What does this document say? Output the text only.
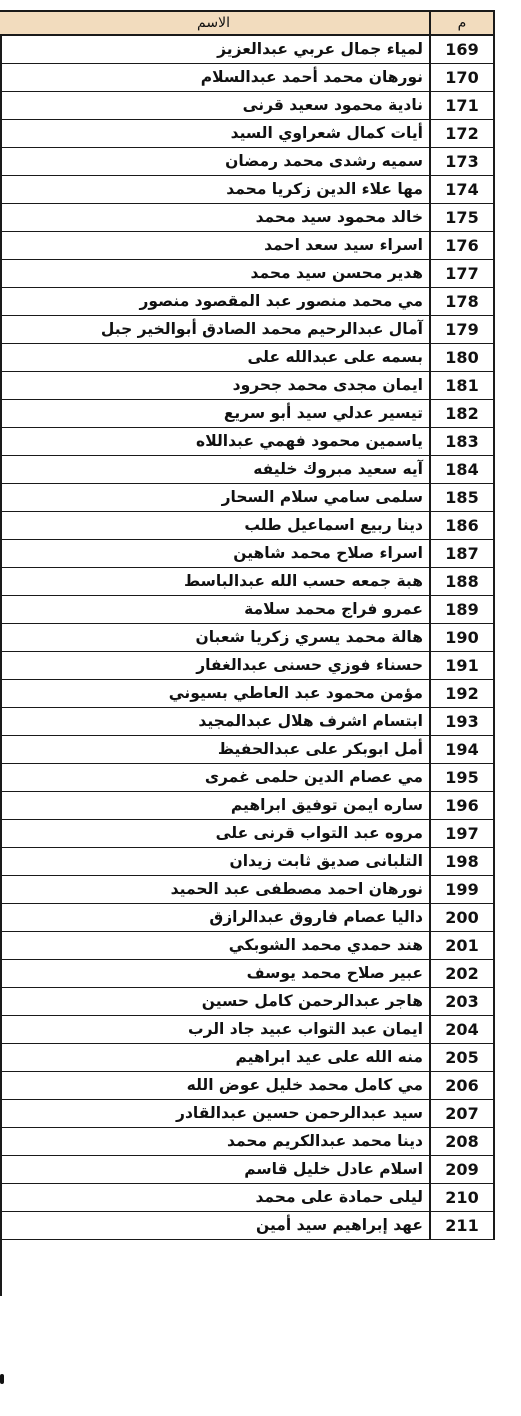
الاسم	م
لمياء جمال عربي عبدالعزيز	169
نورهان محمد أحمد عبدالسلام	170
نادية محمود سعيد قرنى	171
أيات كمال شعراوي السيد	172
سميه رشدى محمد رمضان	173
مها علاء الدين زكريا محمد	174
خالد محمود سيد محمد	175
اسراء سيد سعد احمد	176
هدير محسن سيد محمد	177
مي محمد منصور عبد المقصود منصور	178
آمال عبدالرحيم محمد الصادق أبوالخير جبل	179
بسمه على عبدالله على	180
ايمان مجدى محمد جحرود	181
تيسير عدلي سيد أبو سريع	182
ياسمين محمود فهمي عبداللاه	183
آيه سعيد مبروك خليفه	184
سلمى سامي سلام السحار	185
دينا ربيع اسماعيل طلب	186
اسراء صلاح محمد شاهين	187
هبة جمعه حسب الله عبدالباسط	188
عمرو فراج محمد سلامة	189
هالة محمد يسري زكريا شعبان	190
حسناء فوزي حسنى عبدالغفار	191
مؤمن محمود عبد العاطي بسيوني	192
ابتسام اشرف هلال عبدالمجيد	193
أمل ابوبكر على عبدالحفيظ	194
مي عصام الدين حلمى غمرى	195
ساره ايمن توفيق ابراهيم	196
مروه عبد التواب قرنى على	197
التلبانى صديق ثابت زيدان	198
نورهان احمد مصطفى عبد الحميد	199
داليا عصام فاروق عبدالرازق	200
هند حمدي محمد الشوبكي	201
عبير صلاح محمد يوسف	202
هاجر عبدالرحمن كامل حسين	203
ايمان عبد التواب عبيد جاد الرب	204
منه الله على عيد ابراهيم	205
مي كامل محمد خليل عوض الله	206
سيد عبدالرحمن حسين عبدالقادر	207
دينا محمد عبدالكريم محمد	208
اسلام عادل خليل قاسم	209
ليلى حمادة على محمد	210
عهد إبراهيم سيد أمين	211
